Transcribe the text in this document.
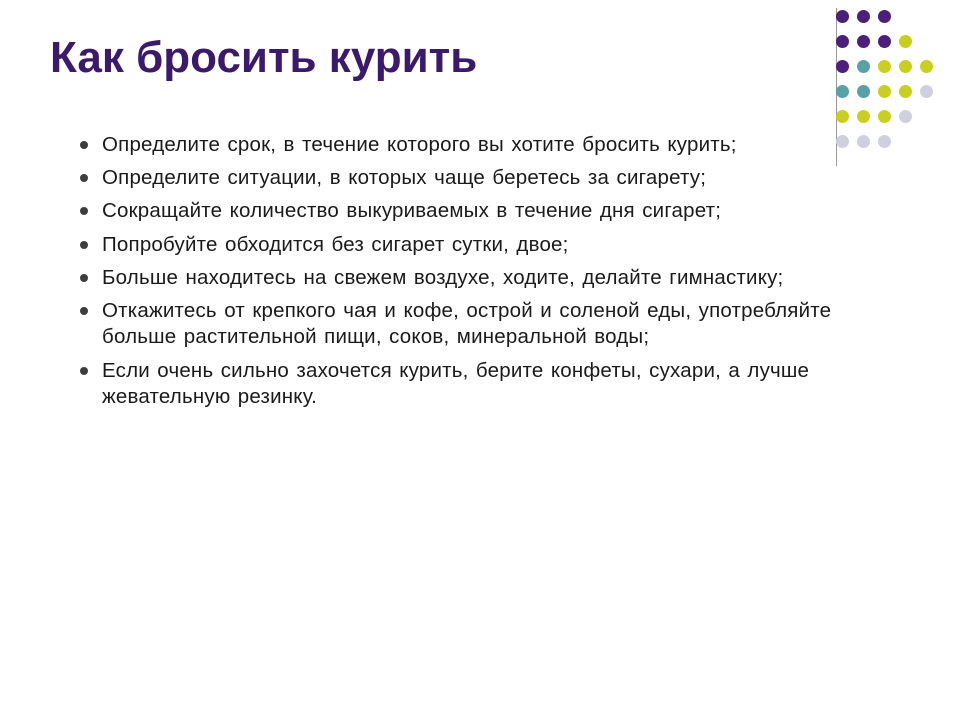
Как бросить курить
Определите срок, в течение которого вы хотите бросить курить;
Определите ситуации, в которых чаще беретесь за сигарету;
Сокращайте количество выкуриваемых в течение дня сигарет;
Попробуйте обходится без сигарет сутки, двое;
Больше находитесь на свежем воздухе, ходите, делайте гимнастику;
Откажитесь от крепкого чая и кофе, острой и соленой еды, употребляйте больше растительной пищи, соков, минеральной воды;
Если очень сильно захочется курить, берите конфеты, сухари, а лучше жевательную резинку.
